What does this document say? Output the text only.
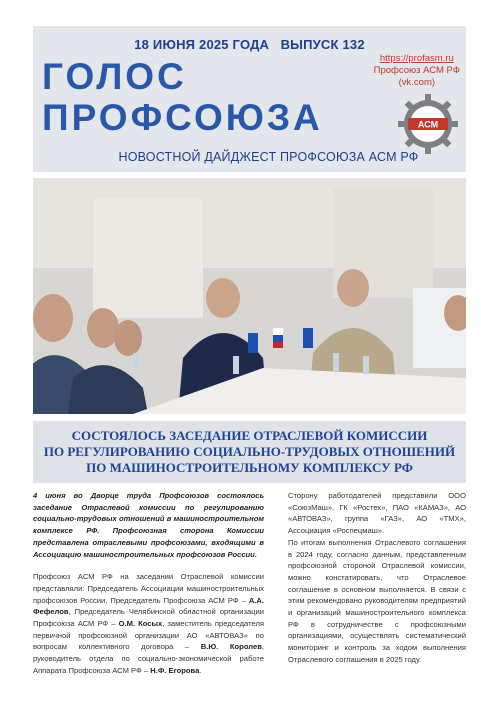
18 ИЮНЯ 2025 ГОДА ВЫПУСК 132
ГОЛОС
ПРОФСОЮЗА
https://profasm.ru
Профсоюз АСМ РФ
(vk.com)
АСМ
НОВОСТНОЙ ДАЙДЖЕСТ ПРОФСОЮЗА АСМ РФ
СОСТОЯЛОСЬ ЗАСЕДАНИЕ ОТРАСЛЕВОЙ КОМИССИИ
ПО РЕГУЛИРОВАНИЮ СОЦИАЛЬНО-ТРУДОВЫХ ОТНОШЕНИЙ
ПО МАШИНОСТРОИТЕЛЬНОМУ КОМПЛЕКСУ РФ

4 июня во Дворце труда Профсоюзов состоялось заседание Отраслевой комиссии по регулированию социально-трудовых отношений в машиностроительном комплексе РФ. Профсоюзная сторона Комиссии представлена отраслевыми профсоюзами, входящими в Ассоциацию машиностроительных профсоюзов России.

Профсоюз АСМ РФ на заседании Отраслевой комиссии представляли: Председатель Ассоциации машиностроительных профсоюзов России, Председатель Профсоюза АСМ РФ – А.А. Фефелов, Председатель Челябинской областной организации Профсоюза АСМ РФ – О.М. Косых, заместитель председателя первичной профсоюзной организации АО «АВТОВАЗ» по вопросам коллективного договора – В.Ю. Королев, руководитель отдела по социально-экономической работе Аппарата Профсоюза АСМ РФ – Н.Ф. Егорова.

Сторону работодателей представили ООО «СоюзМаш», ГК «Ростех», ПАО «КАМАЗ», АО «АВТОВАЗ», группа «ГАЗ», АО «ТМХ», Ассоциация «Роспецмаш».

По итогам выполнения Отраслевого соглашения в 2024 году, согласно данным, представленным профсоюзной стороной Отраслевой комиссии, можно констатировать, что Отраслевое соглашение в основном выполняется. В связи с этим рекомендовано руководителям предприятий и организаций машиностроительного комплекса РФ в сотрудничестве с профсоюзными организациями, осуществлять систематический мониторинг и контроль за ходом выполнения Отраслевого соглашения в 2025 году.
